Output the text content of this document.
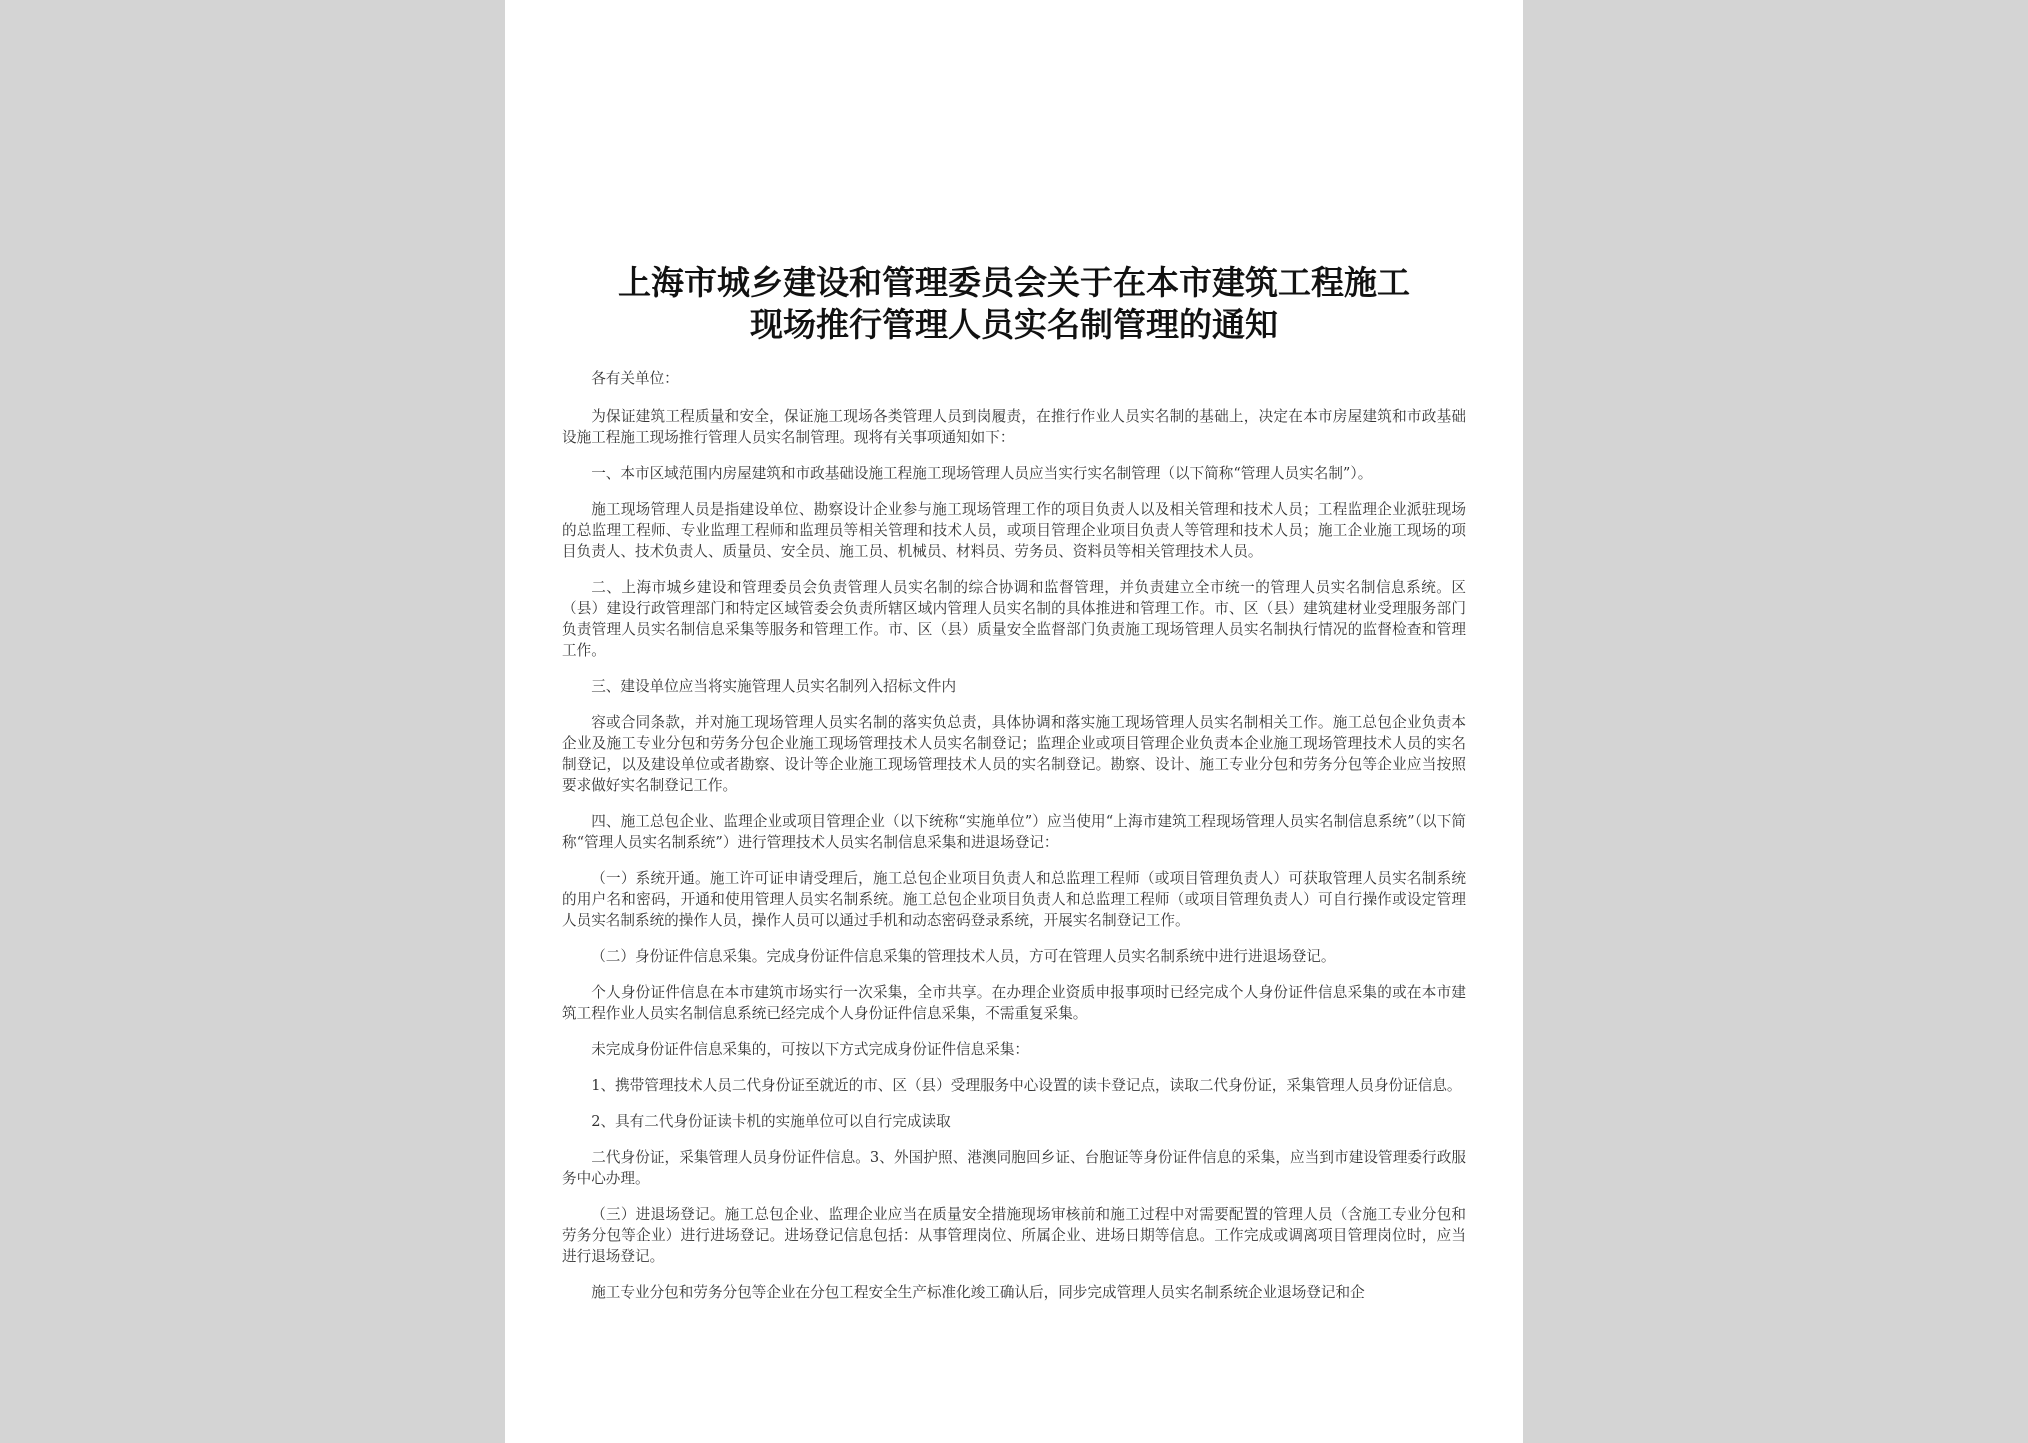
上海市城乡建设和管理委员会关于在本市建筑工程施工
现场推行管理人员实名制管理的通知

各有关单位：

为保证建筑工程质量和安全，保证施工现场各类管理人员到岗履责，在推行作业人员实名制的基础上，决定在本市房屋建筑和市政基础设施工程施工现场推行管理人员实名制管理。现将有关事项通知如下：

一、本市区域范围内房屋建筑和市政基础设施工程施工现场管理人员应当实行实名制管理（以下简称“管理人员实名制”）。

施工现场管理人员是指建设单位、勘察设计企业参与施工现场管理工作的项目负责人以及相关管理和技术人员；工程监理企业派驻现场的总监理工程师、专业监理工程师和监理员等相关管理和技术人员，或项目管理企业项目负责人等管理和技术人员；施工企业施工现场的项目负责人、技术负责人、质量员、安全员、施工员、机械员、材料员、劳务员、资料员等相关管理技术人员。

二、上海市城乡建设和管理委员会负责管理人员实名制的综合协调和监督管理，并负责建立全市统一的管理人员实名制信息系统。区（县）建设行政管理部门和特定区域管委会负责所辖区域内管理人员实名制的具体推进和管理工作。市、区（县）建筑建材业受理服务部门负责管理人员实名制信息采集等服务和管理工作。市、区（县）质量安全监督部门负责施工现场管理人员实名制执行情况的监督检查和管理工作。

三、建设单位应当将实施管理人员实名制列入招标文件内

容或合同条款，并对施工现场管理人员实名制的落实负总责，具体协调和落实施工现场管理人员实名制相关工作。施工总包企业负责本企业及施工专业分包和劳务分包企业施工现场管理技术人员实名制登记；监理企业或项目管理企业负责本企业施工现场管理技术人员的实名制登记，以及建设单位或者勘察、设计等企业施工现场管理技术人员的实名制登记。勘察、设计、施工专业分包和劳务分包等企业应当按照要求做好实名制登记工作。

四、施工总包企业、监理企业或项目管理企业（以下统称“实施单位”）应当使用“上海市建筑工程现场管理人员实名制信息系统”（以下简称“管理人员实名制系统”）进行管理技术人员实名制信息采集和进退场登记：

（一）系统开通。施工许可证申请受理后，施工总包企业项目负责人和总监理工程师（或项目管理负责人）可获取管理人员实名制系统的用户名和密码，开通和使用管理人员实名制系统。施工总包企业项目负责人和总监理工程师（或项目管理负责人）可自行操作或设定管理人员实名制系统的操作人员，操作人员可以通过手机和动态密码登录系统，开展实名制登记工作。

（二）身份证件信息采集。完成身份证件信息采集的管理技术人员，方可在管理人员实名制系统中进行进退场登记。

个人身份证件信息在本市建筑市场实行一次采集，全市共享。在办理企业资质申报事项时已经完成个人身份证件信息采集的或在本市建筑工程作业人员实名制信息系统已经完成个人身份证件信息采集，不需重复采集。

未完成身份证件信息采集的，可按以下方式完成身份证件信息采集：

1、携带管理技术人员二代身份证至就近的市、区（县）受理服务中心设置的读卡登记点，读取二代身份证，采集管理人员身份证信息。

2、具有二代身份证读卡机的实施单位可以自行完成读取

二代身份证，采集管理人员身份证件信息。3、外国护照、港澳同胞回乡证、台胞证等身份证件信息的采集，应当到市建设管理委行政服务中心办理。

（三）进退场登记。施工总包企业、监理企业应当在质量安全措施现场审核前和施工过程中对需要配置的管理人员（含施工专业分包和劳务分包等企业）进行进场登记。进场登记信息包括：从事管理岗位、所属企业、进场日期等信息。工作完成或调离项目管理岗位时，应当进行退场登记。

施工专业分包和劳务分包等企业在分包工程安全生产标准化竣工确认后，同步完成管理人员实名制系统企业退场登记和企
